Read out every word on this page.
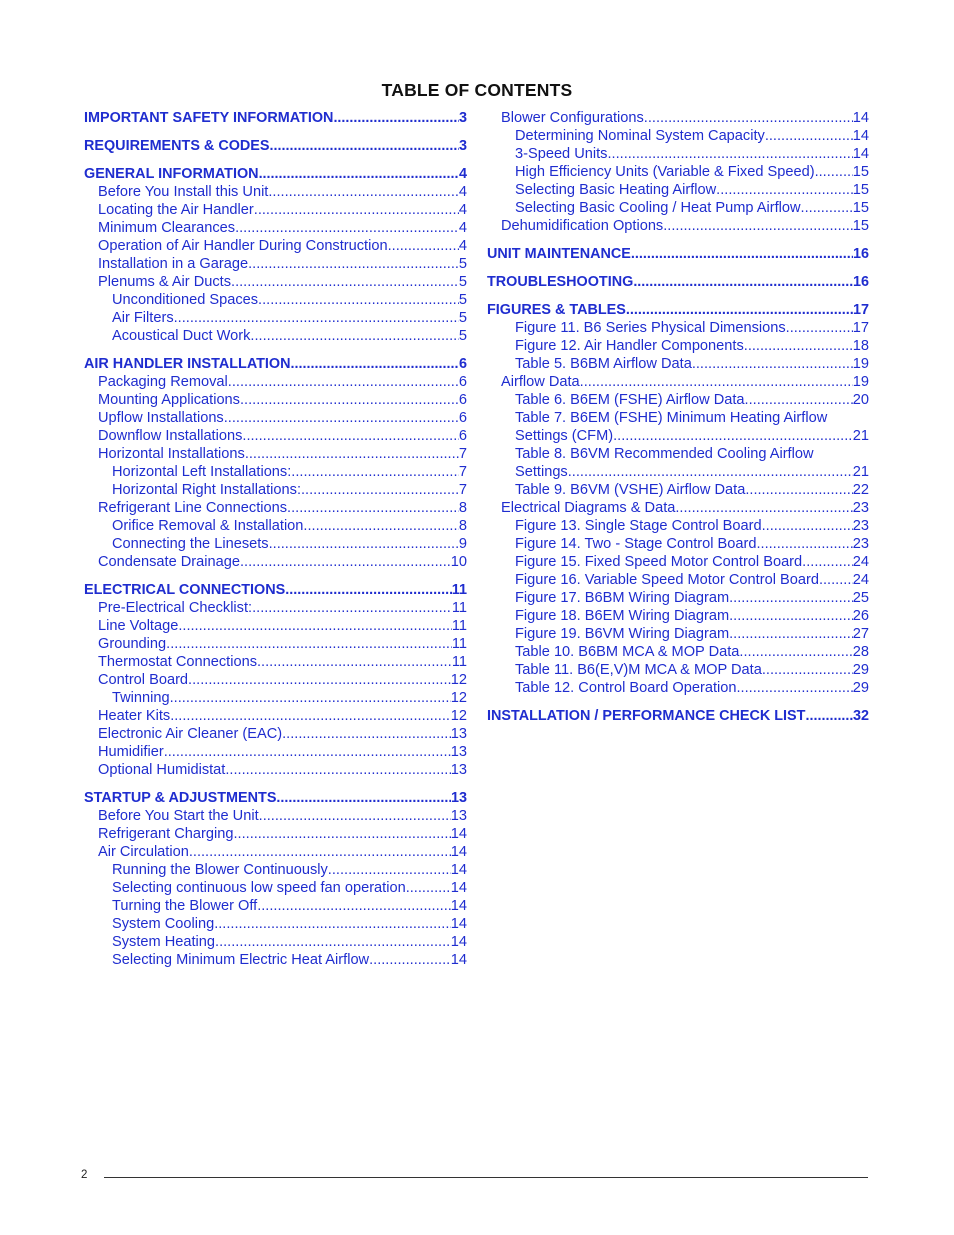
TABLE OF CONTENTS
IMPORTANT SAFETY INFORMATION .....	3
REQUIREMENTS & CODES .....	3
GENERAL INFORMATION .....	4
Before You Install this Unit .....	4
Locating the Air Handler .....	4
Minimum Clearances .....	4
Operation of Air Handler During Construction .....	4
Installation in a Garage .....	5
Plenums & Air Ducts .....	5
Unconditioned Spaces .....	5
Air Filters .....	5
Acoustical Duct Work .....	5
AIR HANDLER INSTALLATION .....	6
Packaging Removal .....	6
Mounting Applications .....	6
Upflow Installations .....	6
Downflow Installations .....	6
Horizontal Installations .....	7
Horizontal Left Installations: .....	7
Horizontal Right Installations: .....	7
Refrigerant Line Connections .....	8
Orifice Removal & Installation .....	8
Connecting the Linesets .....	9
Condensate Drainage .....	10
ELECTRICAL CONNECTIONS .....	11
Pre-Electrical Checklist: .....	11
Line Voltage .....	11
Grounding .....	11
Thermostat Connections .....	11
Control Board .....	12
Twinning .....	12
Heater Kits .....	12
Electronic Air Cleaner (EAC) .....	13
Humidifier .....	13
Optional Humidistat .....	13
STARTUP & ADJUSTMENTS .....	13
Before You Start the Unit .....	13
Refrigerant Charging .....	14
Air Circulation .....	14
Running the Blower Continuously .....	14
Selecting continuous low speed fan operation .....	14
Turning the Blower Off .....	14
System Cooling .....	14
System Heating .....	14
Selecting Minimum Electric Heat Airflow .....	14
Blower Configurations .....	14
Determining Nominal System Capacity .....	14
3-Speed Units .....	14
High Efficiency Units (Variable & Fixed Speed) .....	15
Selecting Basic Heating Airflow .....	15
Selecting Basic Cooling / Heat Pump Airflow .....	15
Dehumidification Options .....	15
UNIT MAINTENANCE .....	16
TROUBLESHOOTING .....	16
FIGURES & TABLES .....	17
Figure 11. B6 Series Physical Dimensions .....	17
Figure 12. Air Handler Components .....	18
Table 5. B6BM Airflow Data .....	19
Airflow Data .....	19
Table 6. B6EM (FSHE) Airflow Data .....	20
Table 7. B6EM (FSHE) Minimum Heating Airflow
Settings (CFM) .....	21
Table 8. B6VM Recommended Cooling Airflow
Settings .....	21
Table 9. B6VM (VSHE) Airflow Data .....	22
Electrical Diagrams & Data .....	23
Figure 13. Single Stage Control Board .....	23
Figure 14. Two - Stage Control Board .....	23
Figure 15. Fixed Speed Motor Control Board .....	24
Figure 16. Variable Speed Motor Control Board ..... 24
Figure 17. B6BM Wiring Diagram .....	25
Figure 18. B6EM Wiring Diagram .....	26
Figure 19. B6VM Wiring Diagram .....	27
Table 10. B6BM MCA & MOP Data .....	28
Table 11. B6(E,V)M MCA & MOP Data .....	29
Table 12. Control Board Operation .....	29
INSTALLATION / PERFORMANCE CHECK LIST .....	32
2
